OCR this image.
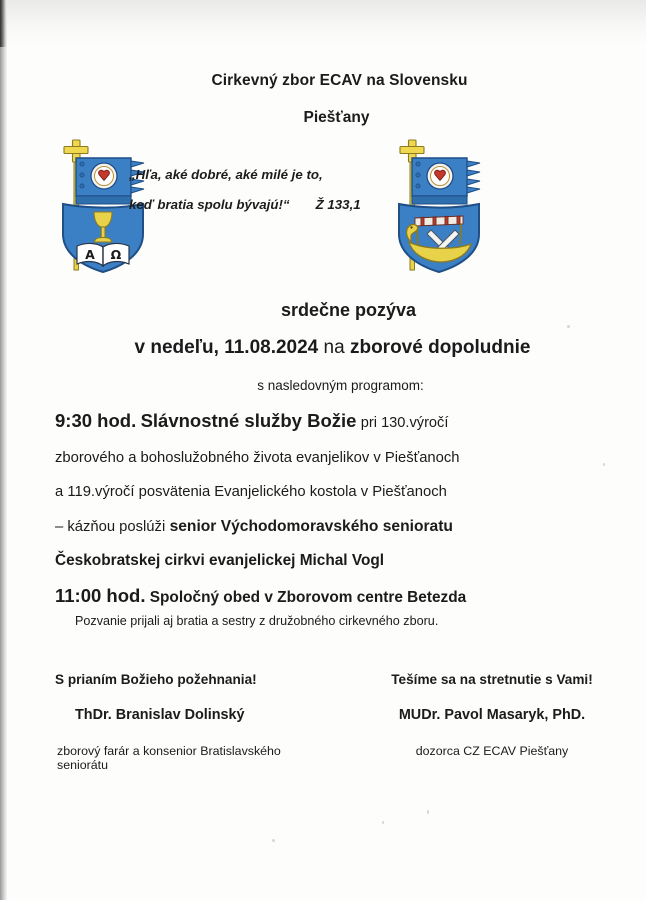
Cirkevný zbor ECAV na Slovensku
Piešťany
Α Ω
„Hľa, aké dobré, aké milé je to,
keď bratia spolu bývajú!“ Ž 133,1
srdečne pozýva
v nedeľu, 11.08.2024 na zborové dopoludnie
s nasledovným programom:
9:30 hod. Slávnostné služby Božie pri 130.výročí
zborového a bohoslužobného života evanjelikov v Piešťanoch
a 119.výročí posvätenia Evanjelického kostola v Piešťanoch
– kázňou poslúži senior Východomoravského senioratu
Českobratskej cirkvi evanjelickej Michal Vogl
11:00 hod. Spoločný obed v Zborovom centre Betezda
Pozvanie prijali aj bratia a sestry z družobného cirkevného zboru.
S prianím Božieho požehnania!
ThDr. Branislav Dolinský
zborový farár a konsenior Bratislavského seniorátu
Tešíme sa na stretnutie s Vami!
MUDr. Pavol Masaryk, PhD.
dozorca CZ ECAV Piešťany
